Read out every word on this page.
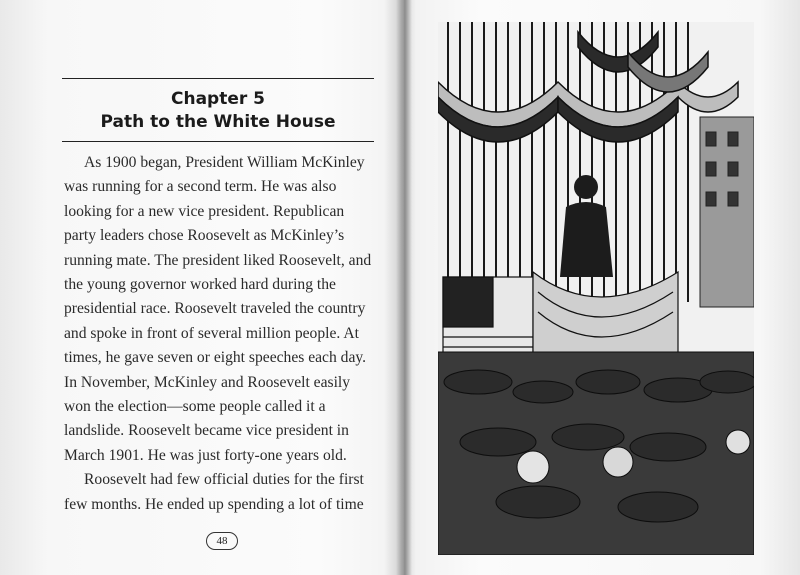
Chapter 5
Path to the White House

As 1900 began, President William McKinley was running for a second term. He was also looking for a new vice president. Republican party leaders chose Roosevelt as McKinley’s running mate. The president liked Roosevelt, and the young governor worked hard during the presidential race. Roosevelt traveled the country and spoke in front of several million people. At times, he gave seven or eight speeches each day. In November, McKinley and Roosevelt easily won the election—some people called it a landslide. Roosevelt became vice president in March 1901. He was just forty-one years old.

Roosevelt had few official duties for the first few months. He ended up spending a lot of time

48
